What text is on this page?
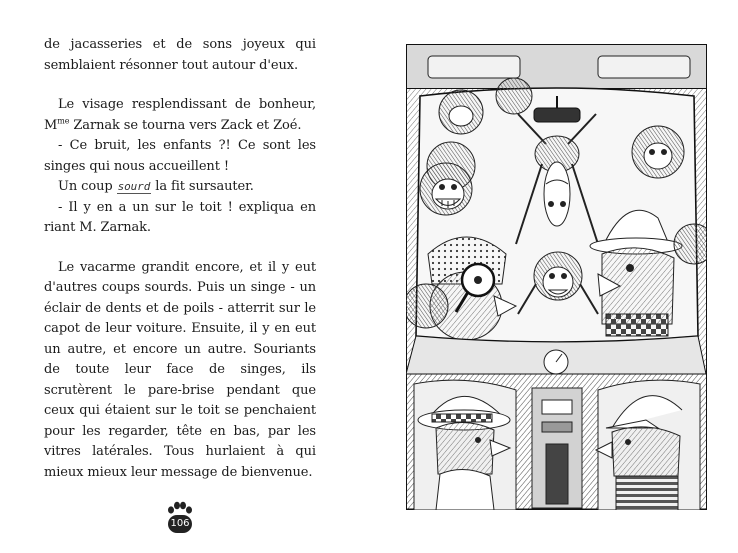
de jacasseries et de sons joyeux qui semblaient résonner tout autour d'eux.

Le visage resplendissant de bonheur, $M^{me}$ Zarnak se tourna vers Zack et Zoé.

- Ce bruit, les enfants ?! Ce sont les singes qui nous accueillent !

Un coup sourd la fit sursauter.

- Il y en a un sur le toit ! expliqua en riant M. Zarnak.

Le vacarme grandit encore, et il y eut d'autres coups sourds. Puis un singe - un éclair de dents et de poils - atterrit sur le capot de leur voiture. Ensuite, il y en eut un autre, et encore un autre. Souriants de toute leur face de singes, ils scrutèrent le pare-brise pendant que ceux qui étaient sur le toit se penchaient pour les regarder, tête en bas, par les vitres latérales. Tous hurlaient à qui mieux mieux leur message de bienvenue.

106
